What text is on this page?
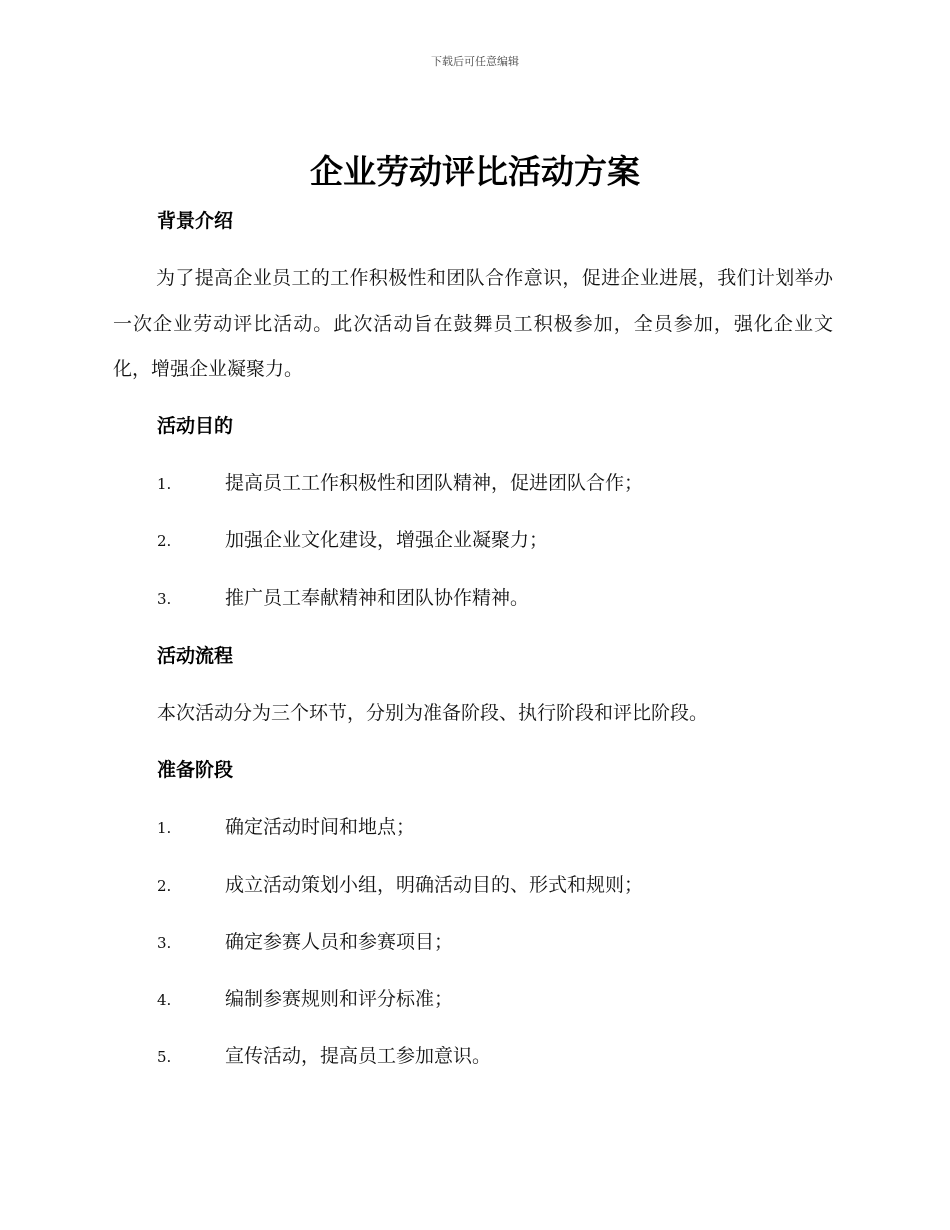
下载后可任意编辑
企业劳动评比活动方案
背景介绍
为了提高企业员工的工作积极性和团队合作意识，促进企业进展，我们计划举办一次企业劳动评比活动。此次活动旨在鼓舞员工积极参加，全员参加，强化企业文化，增强企业凝聚力。
活动目的
1.	提高员工工作积极性和团队精神，促进团队合作；
2.	加强企业文化建设，增强企业凝聚力；
3.	推广员工奉献精神和团队协作精神。
活动流程
本次活动分为三个环节，分别为准备阶段、执行阶段和评比阶段。
准备阶段
1.	确定活动时间和地点；
2.	成立活动策划小组，明确活动目的、形式和规则；
3.	确定参赛人员和参赛项目；
4.	编制参赛规则和评分标准；
5.	宣传活动，提高员工参加意识。
